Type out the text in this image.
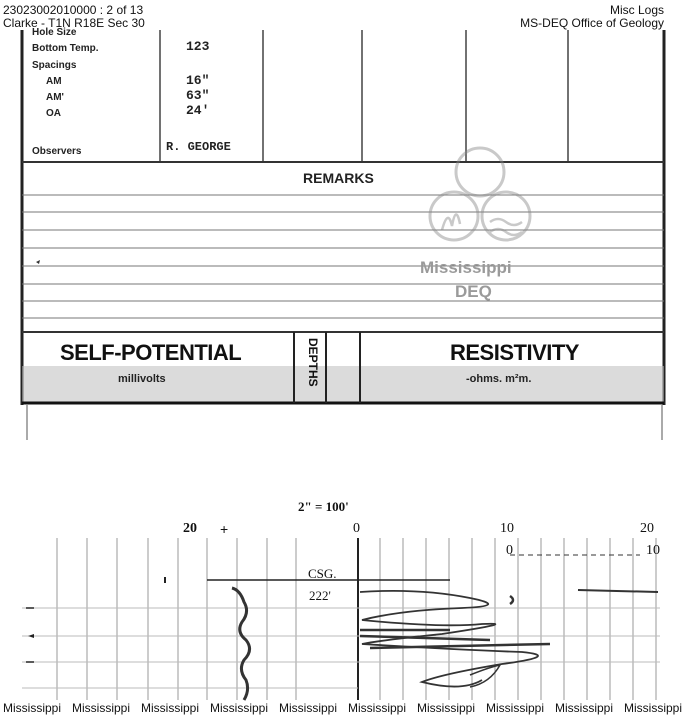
23023002010000 : 2 of 13
Clarke - T1N R18E Sec 30
Misc Logs
MS-DEQ Office of Geology
Hole Size
Bottom Temp.	123
Spacings
AM	16"
AM'	63"
OA	24'
Observers	R. GEORGE
REMARKS
Mississippi
DEQ
SELF-POTENTIAL
millivolts	DEPTHS	RESISTIVITY
-ohms. m²m.
2" = 100'
20 +	0	10	20
0	10
CSG.
222'
Mississippi Mississippi Mississippi Mississippi Mississippi Mississippi Mississippi Mississippi Mississippi Mississippi
